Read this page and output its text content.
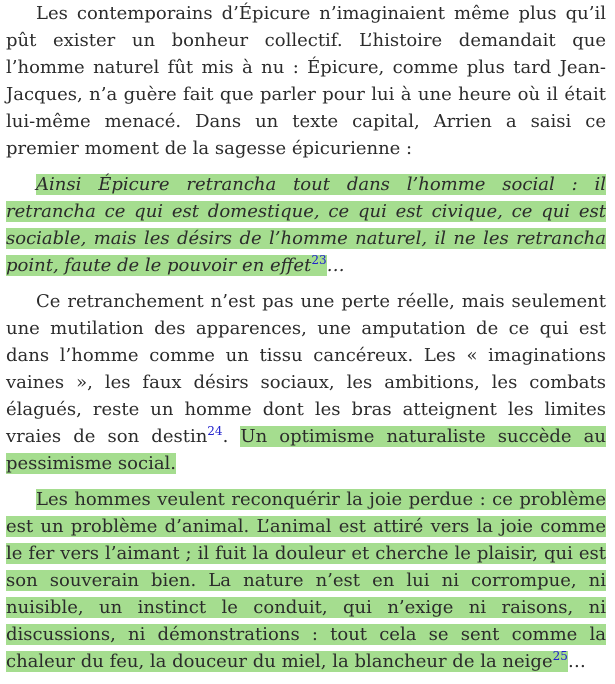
Les contemporains d’Épicure n’imaginaient même plus qu’il pût exister un bonheur collectif. L’histoire demandait que l’homme naturel fût mis à nu : Épicure, comme plus tard Jean-Jacques, n’a guère fait que parler pour lui à une heure où il était lui-même menacé. Dans un texte capital, Arrien a saisi ce premier moment de la sagesse épicurienne :

Ainsi Épicure retrancha tout dans l’homme social : il retrancha ce qui est domestique, ce qui est civique, ce qui est sociable, mais les désirs de l’homme naturel, il ne les retrancha point, faute de le pouvoir en effet$^{23}$…

Ce retranchement n’est pas une perte réelle, mais seulement une mutilation des apparences, une amputation de ce qui est dans l’homme comme un tissu cancéreux. Les « imaginations vaines », les faux désirs sociaux, les ambitions, les combats élagués, reste un homme dont les bras atteignent les limites vraies de son destin$^{24}$. Un optimisme naturaliste succède au pessimisme social.

Les hommes veulent reconquérir la joie perdue : ce problème est un problème d’animal. L’animal est attiré vers la joie comme le fer vers l’aimant ; il fuit la douleur et cherche le plaisir, qui est son souverain bien. La nature n’est en lui ni corrompue, ni nuisible, un instinct le conduit, qui n’exige ni raisons, ni discussions, ni démonstrations : tout cela se sent comme la chaleur du feu, la douceur du miel, la blancheur de la neige$^{25}$…
